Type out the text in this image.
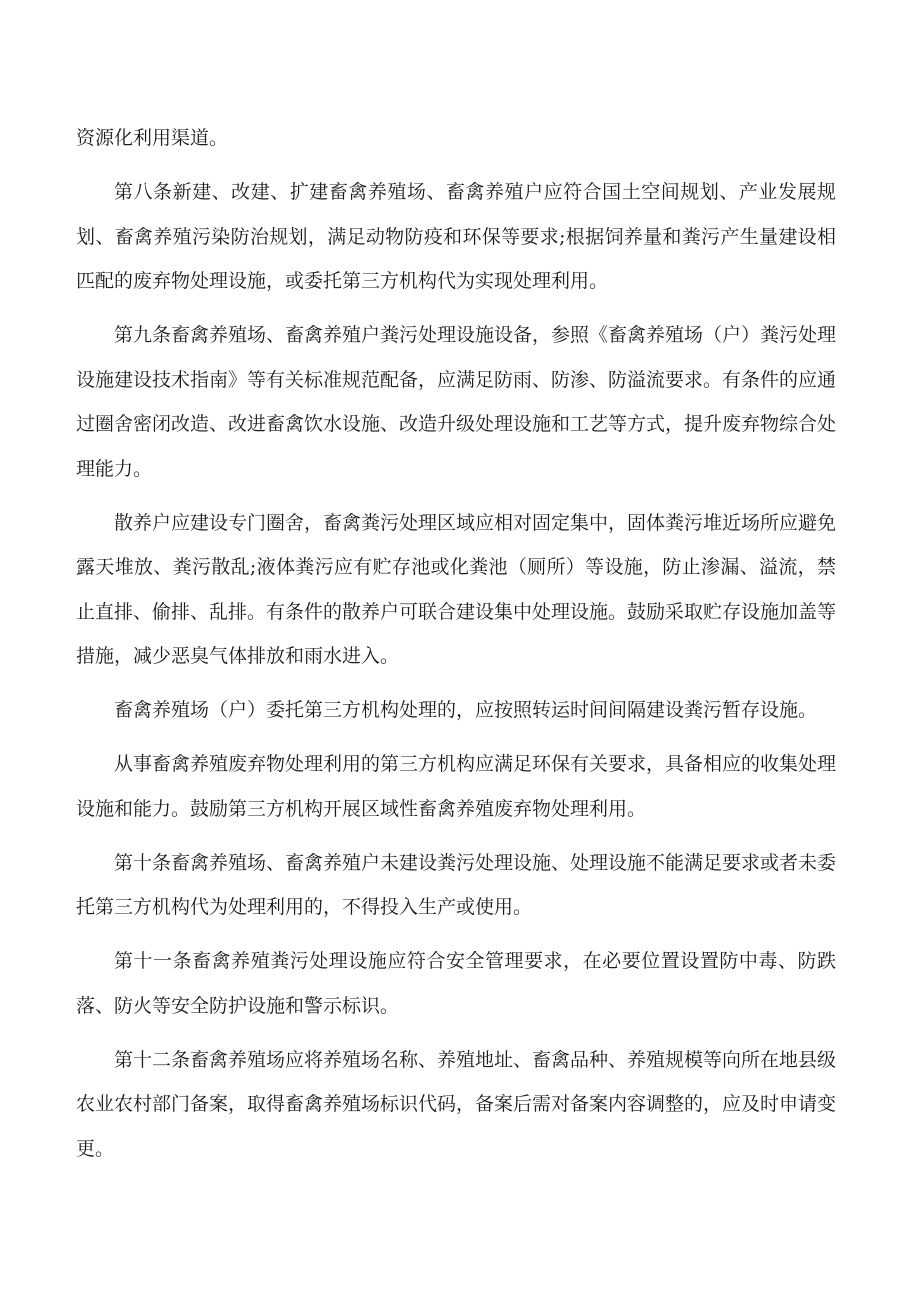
资源化利用渠道。

第八条新建、改建、扩建畜禽养殖场、畜禽养殖户应符合国土空间规划、产业发展规划、畜禽养殖污染防治规划，满足动物防疫和环保等要求;根据饲养量和粪污产生量建设相匹配的废弃物处理设施，或委托第三方机构代为实现处理利用。

第九条畜禽养殖场、畜禽养殖户粪污处理设施设备，参照《畜禽养殖场（户）粪污处理设施建设技术指南》等有关标准规范配备，应满足防雨、防渗、防溢流要求。有条件的应通过圈舍密闭改造、改进畜禽饮水设施、改造升级处理设施和工艺等方式，提升废弃物综合处理能力。

散养户应建设专门圈舍，畜禽粪污处理区域应相对固定集中，固体粪污堆近场所应避免露天堆放、粪污散乱;液体粪污应有贮存池或化粪池（厕所）等设施，防止渗漏、溢流，禁止直排、偷排、乱排。有条件的散养户可联合建设集中处理设施。鼓励采取贮存设施加盖等措施，减少恶臭气体排放和雨水进入。

畜禽养殖场（户）委托第三方机构处理的，应按照转运时间间隔建设粪污暂存设施。

从事畜禽养殖废弃物处理利用的第三方机构应满足环保有关要求，具备相应的收集处理设施和能力。鼓励第三方机构开展区域性畜禽养殖废弃物处理利用。

第十条畜禽养殖场、畜禽养殖户未建设粪污处理设施、处理设施不能满足要求或者未委托第三方机构代为处理利用的，不得投入生产或使用。

第十一条畜禽养殖粪污处理设施应符合安全管理要求，在必要位置设置防中毒、防跌落、防火等安全防护设施和警示标识。

第十二条畜禽养殖场应将养殖场名称、养殖地址、畜禽品种、养殖规模等向所在地县级农业农村部门备案，取得畜禽养殖场标识代码，备案后需对备案内容调整的，应及时申请变更。
